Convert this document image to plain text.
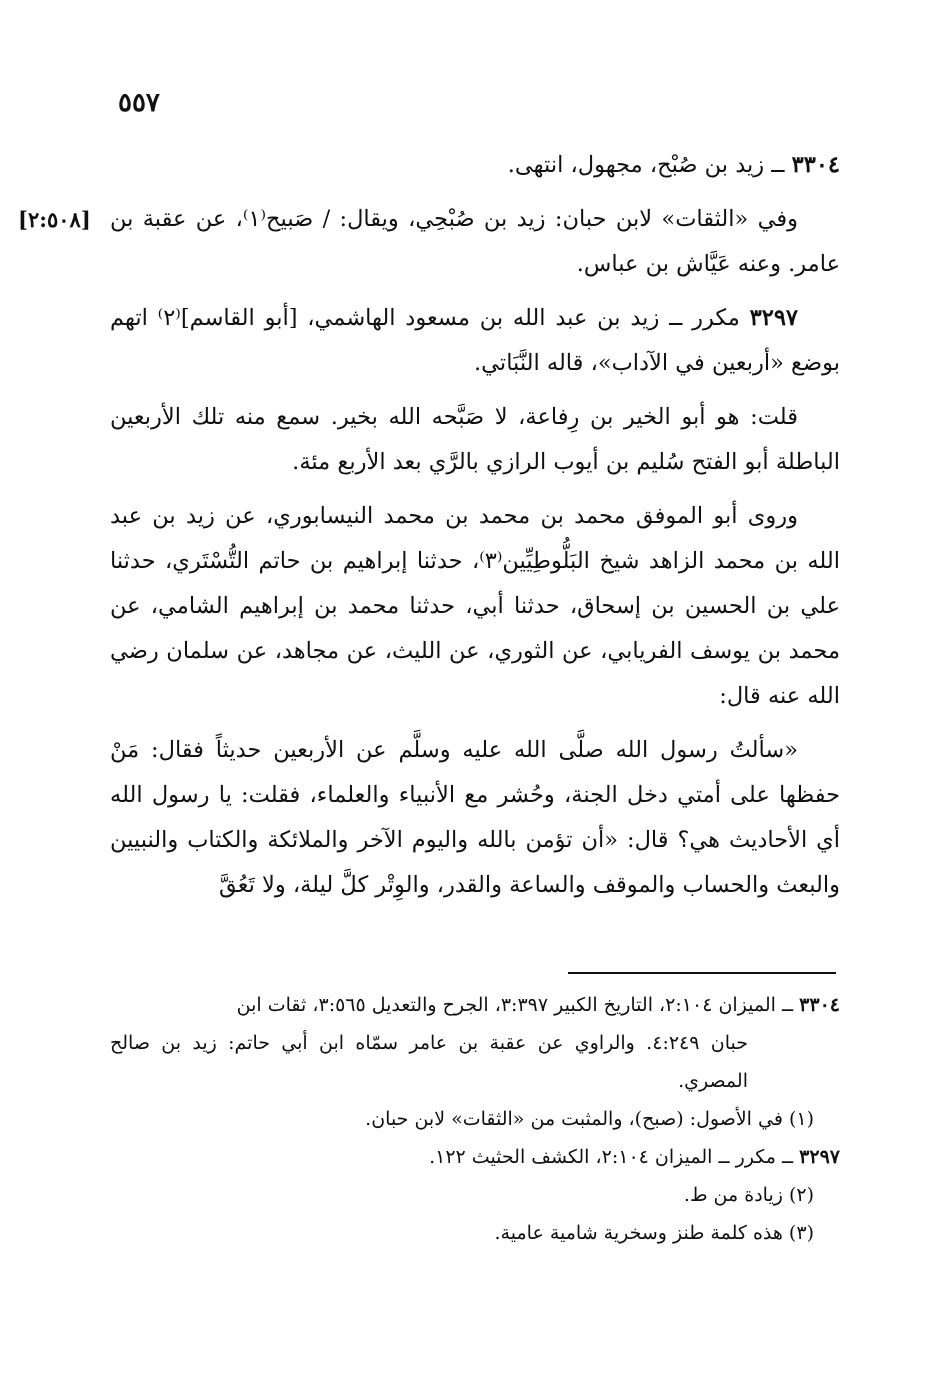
٥٥٧
[٢:٥٠٨]

٣٣٠٤ ــ زيد بن صُبْح، مجهول، انتهى.

وفي «الثقات» لابن حبان: زيد بن صُبْحِي، ويقال: / صَبيح⁽١⁾، عن عقبة بن عامر. وعنه عَيَّاش بن عباس.

٣٢٩٧ مكرر ــ زيد بن عبد الله بن مسعود الهاشمي، [أبو القاسم]⁽٢⁾ اتهم بوضع «أربعين في الآداب»، قاله النَّبَاتي.

قلت: هو أبو الخير بن رِفاعة، لا صَبَّحه الله بخير. سمع منه تلك الأربعين الباطلة أبو الفتح سُليم بن أيوب الرازي بالرَّي بعد الأربع مئة.

وروى أبو الموفق محمد بن محمد بن محمد النيسابوري، عن زيد بن عبد الله بن محمد الزاهد شيخ البَلُّوطِيِّين⁽٣⁾، حدثنا إبراهيم بن حاتم التُّسْتَري، حدثنا علي بن الحسين بن إسحاق، حدثنا أبي، حدثنا محمد بن إبراهيم الشامي، عن محمد بن يوسف الفريابي، عن الثوري، عن الليث، عن مجاهد، عن سلمان رضي الله عنه قال:

«سألتُ رسول الله صلَّى الله عليه وسلَّم عن الأربعين حديثاً فقال: مَنْ حفظها على أمتي دخل الجنة، وحُشر مع الأنبياء والعلماء، فقلت: يا رسول الله أي الأحاديث هي؟ قال: «أن تؤمن بالله واليوم الآخر والملائكة والكتاب والنبيين والبعث والحساب والموقف والساعة والقدر، والوِتْر كلَّ ليلة، ولا تَعُقَّ

٣٣٠٤ ــ الميزان ٢:١٠٤، التاريخ الكبير ٣:٣٩٧، الجرح والتعديل ٣:٥٦٥، ثقات ابن
حبان ٤:٢٤٩. والراوي عن عقبة بن عامر سمّاه ابن أبي حاتم: زيد بن صالح المصري.

(١) في الأصول: (صبح)، والمثبت من «الثقات» لابن حبان.

٣٢٩٧ ــ مكرر ــ الميزان ٢:١٠٤، الكشف الحثيث ١٢٢.

(٢) زيادة من ط.

(٣) هذه كلمة طنز وسخرية شامية عامية.
